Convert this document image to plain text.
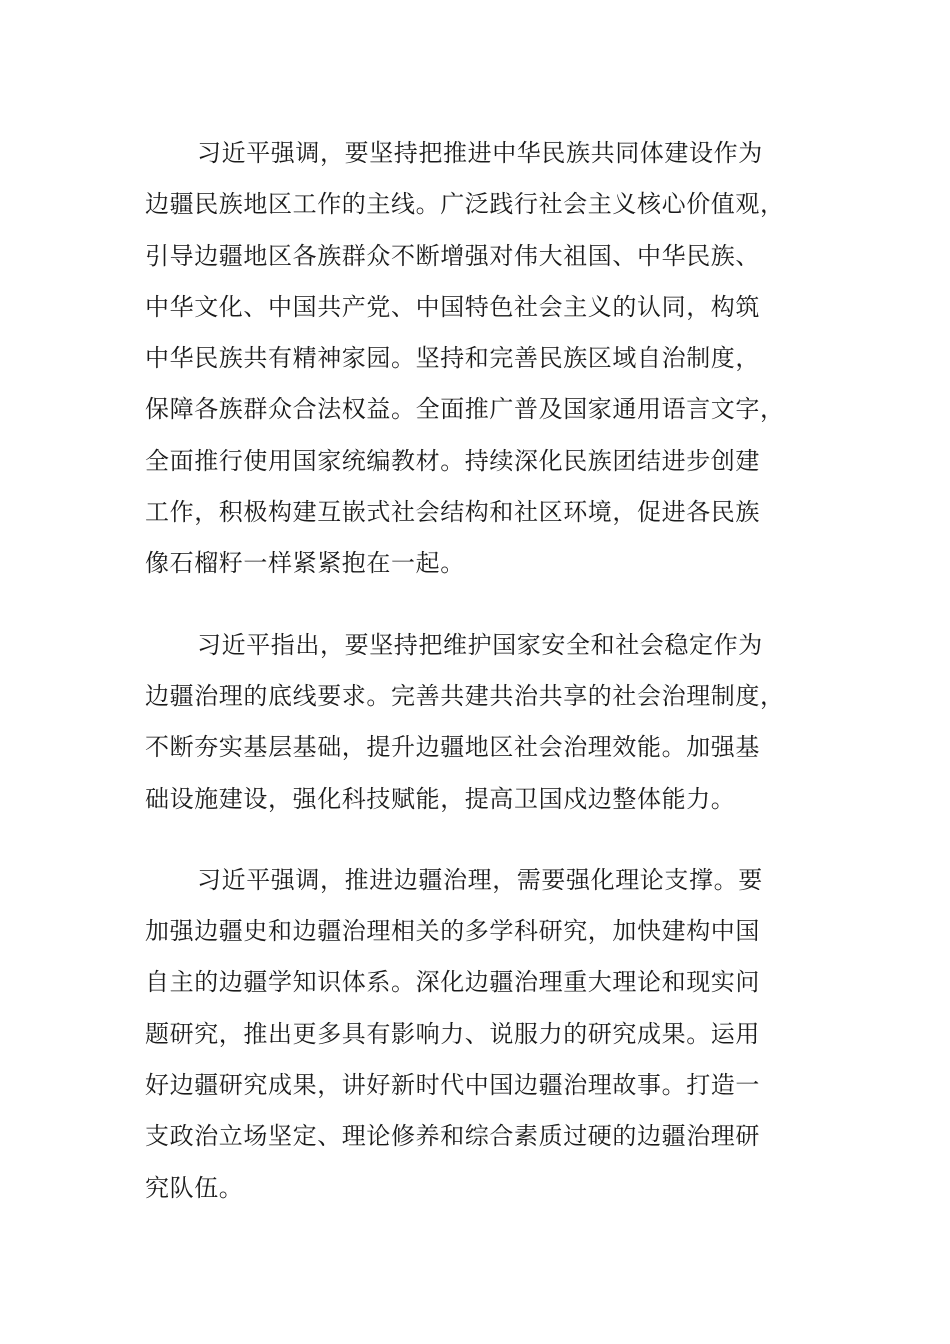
习近平强调，要坚持把推进中华民族共同体建设作为
边疆民族地区工作的主线。广泛践行社会主义核心价值观，
引导边疆地区各族群众不断增强对伟大祖国、中华民族、
中华文化、中国共产党、中国特色社会主义的认同，构筑
中华民族共有精神家园。坚持和完善民族区域自治制度，
保障各族群众合法权益。全面推广普及国家通用语言文字，
全面推行使用国家统编教材。持续深化民族团结进步创建
工作，积极构建互嵌式社会结构和社区环境，促进各民族
像石榴籽一样紧紧抱在一起。

习近平指出，要坚持把维护国家安全和社会稳定作为
边疆治理的底线要求。完善共建共治共享的社会治理制度，
不断夯实基层基础，提升边疆地区社会治理效能。加强基
础设施建设，强化科技赋能，提高卫国戍边整体能力。

习近平强调，推进边疆治理，需要强化理论支撑。要
加强边疆史和边疆治理相关的多学科研究，加快建构中国
自主的边疆学知识体系。深化边疆治理重大理论和现实问
题研究，推出更多具有影响力、说服力的研究成果。运用
好边疆研究成果，讲好新时代中国边疆治理故事。打造一
支政治立场坚定、理论修养和综合素质过硬的边疆治理研
究队伍。
